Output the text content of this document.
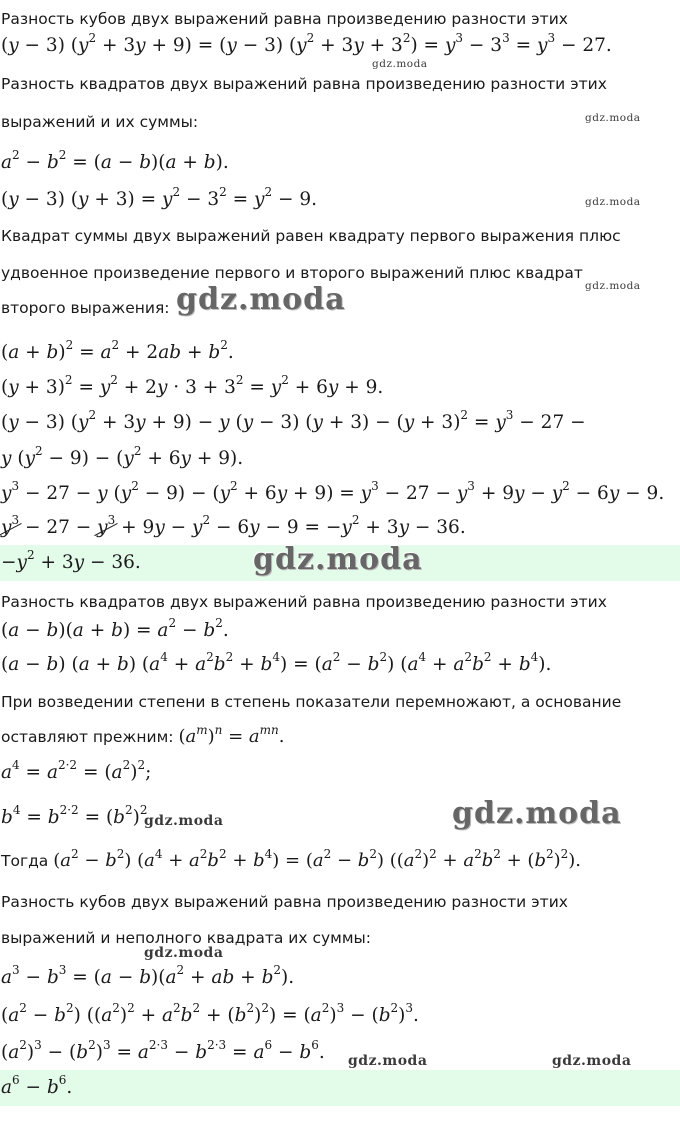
Разность кубов двух выражений равна произведению разности этих
(y − 3) $(y^2 + 3y + 9) = (y - 3) (y^2 + 3y + 3^2) = y^3 - 3^3 = y^3 - 27$.
gdz.moda
Разность квадратов двух выражений равна произведению разности этих
выражений и их суммы:	gdz.moda
$a^2 - b^2 = (a - b)(a + b)$.
(y − 3) $(y + 3) = y^2 - 3^2 = y^2 - 9$.	gdz.moda
Квадрат суммы двух выражений равен квадрату первого выражения плюс
удвоенное произведение первого и второго выражений плюс квадрат
gdz.moda
второго выражения: gdz.moda
$(a + b)^2 = a^2 + 2ab + b^2$.
$(y + 3)^2 = y^2 + 2y \cdot 3 + 3^2 = y^2 + 6y + 9$.
(y − 3) $(y^2 + 3y + 9) - y$ (y − 3) $(y + 3) - (y + 3)^2 = y^3 - 27$ −
y $(y^2 - 9) - (y^2 + 6y + 9)$.
$y^3 - 27 - y$ $(y^2 - 9) - (y^2 + 6y + 9) = y^3 - 27 - y^3 + 9y - y^2 - 6y - 9$.
$y^3 - 27 - y^3 + 9y - y^2 - 6y - 9 = -y^2 + 3y - 36$.
$-y^2 + 3y - 36$.	gdz.moda
Разность квадратов двух выражений равна произведению разности этих
$(a - b)(a + b) = a^2 - b^2$.
(a − b) (a + b) $(a^4 + a^2b^2 + b^4) = (a^2 - b^2) (a^4 + a^2b^2 + b^4)$.
При возведении степени в степень показатели перемножают, а основание
оставляют прежним: $(a^m)^n = a^{mn}$.
$a^4 = a^{2\cdot 2} = (a^2)^2$;
$b^4 = b^{2\cdot 2} = (b^2)^2$
gdz.moda	gdz.moda
Тогда $(a^2 - b^2) (a^4 + a^2b^2 + b^4) = (a^2 - b^2) ((a^2)^2 + a^2b^2 + (b^2)^2)$.
Разность кубов двух выражений равна произведению разности этих
выражений и неполного квадрата их суммы:
gdz.moda
$a^3 - b^3 = (a - b)(a^2$ + ab + $b^2$).
$(a^2 - b^2) ((a^2)^2 + a^2b^2 + (b^2)^2) = (a^2)^3 - (b^2)^3$.
$(a^2)^3 - (b^2)^3 = a^{2\cdot 3} - b^{2\cdot 3} = a^6 - b^6$. gdz.moda	gdz.moda
$a^6 - b^6$.
